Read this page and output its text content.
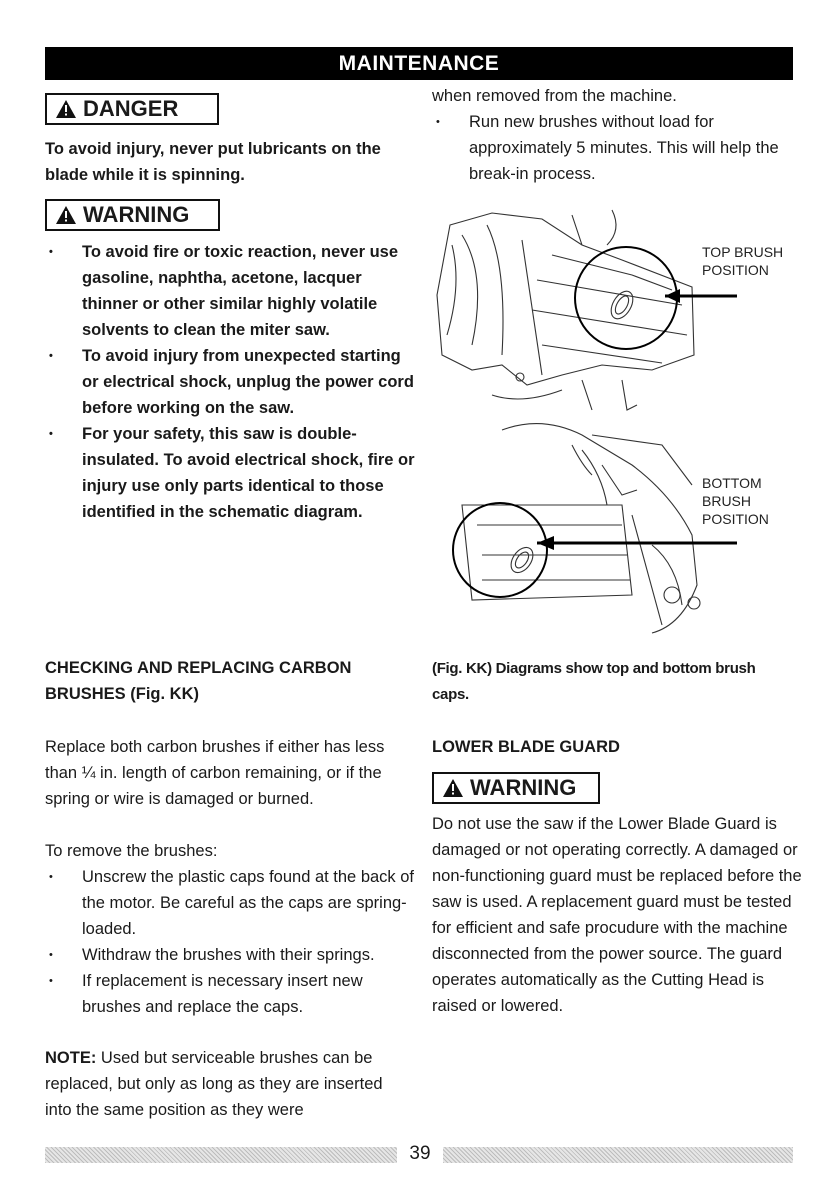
MAINTENANCE
DANGER
To avoid injury, never put lubricants on the blade while it is spinning.
WARNING
• To avoid fire or toxic reaction, never use gasoline, naphtha, acetone, lacquer thinner or other similar highly volatile solvents to clean the miter saw.
• To avoid injury from unexpected starting or electrical shock, unplug the power cord before working on the saw.
• For your safety, this saw is double-insulated. To avoid electrical shock, fire or injury use only parts identical to those identified in the schematic diagram.
CHECKING AND REPLACING CARBON BRUSHES (Fig. KK)

Replace both carbon brushes if either has less than ¼ in. length of carbon remaining, or if the spring or wire is damaged or burned.

To remove the brushes:

• Unscrew the plastic caps found at the back of the motor. Be careful as the caps are spring-loaded.
• Withdraw the brushes with their springs.
• If replacement is necessary insert new brushes and replace the caps.

NOTE: Used but serviceable brushes can be replaced, but only as long as they are inserted into the same position as they were

when removed from the machine.

• Run new brushes without load for approximately 5 minutes. This will help the break-in process.
TOP BRUSH
POSITION
BOTTOM
BRUSH
POSITION
(Fig. KK) Diagrams show top and bottom brush caps.
LOWER BLADE GUARD
WARNING

Do not use the saw if the Lower Blade Guard is damaged or not operating correctly. A damaged or non-functioning guard must be replaced before the saw is used. A replacement guard must be tested for efficient and safe procudure with the machine disconnected from the power source. The guard operates automatically as the Cutting Head is raised or lowered.

39
